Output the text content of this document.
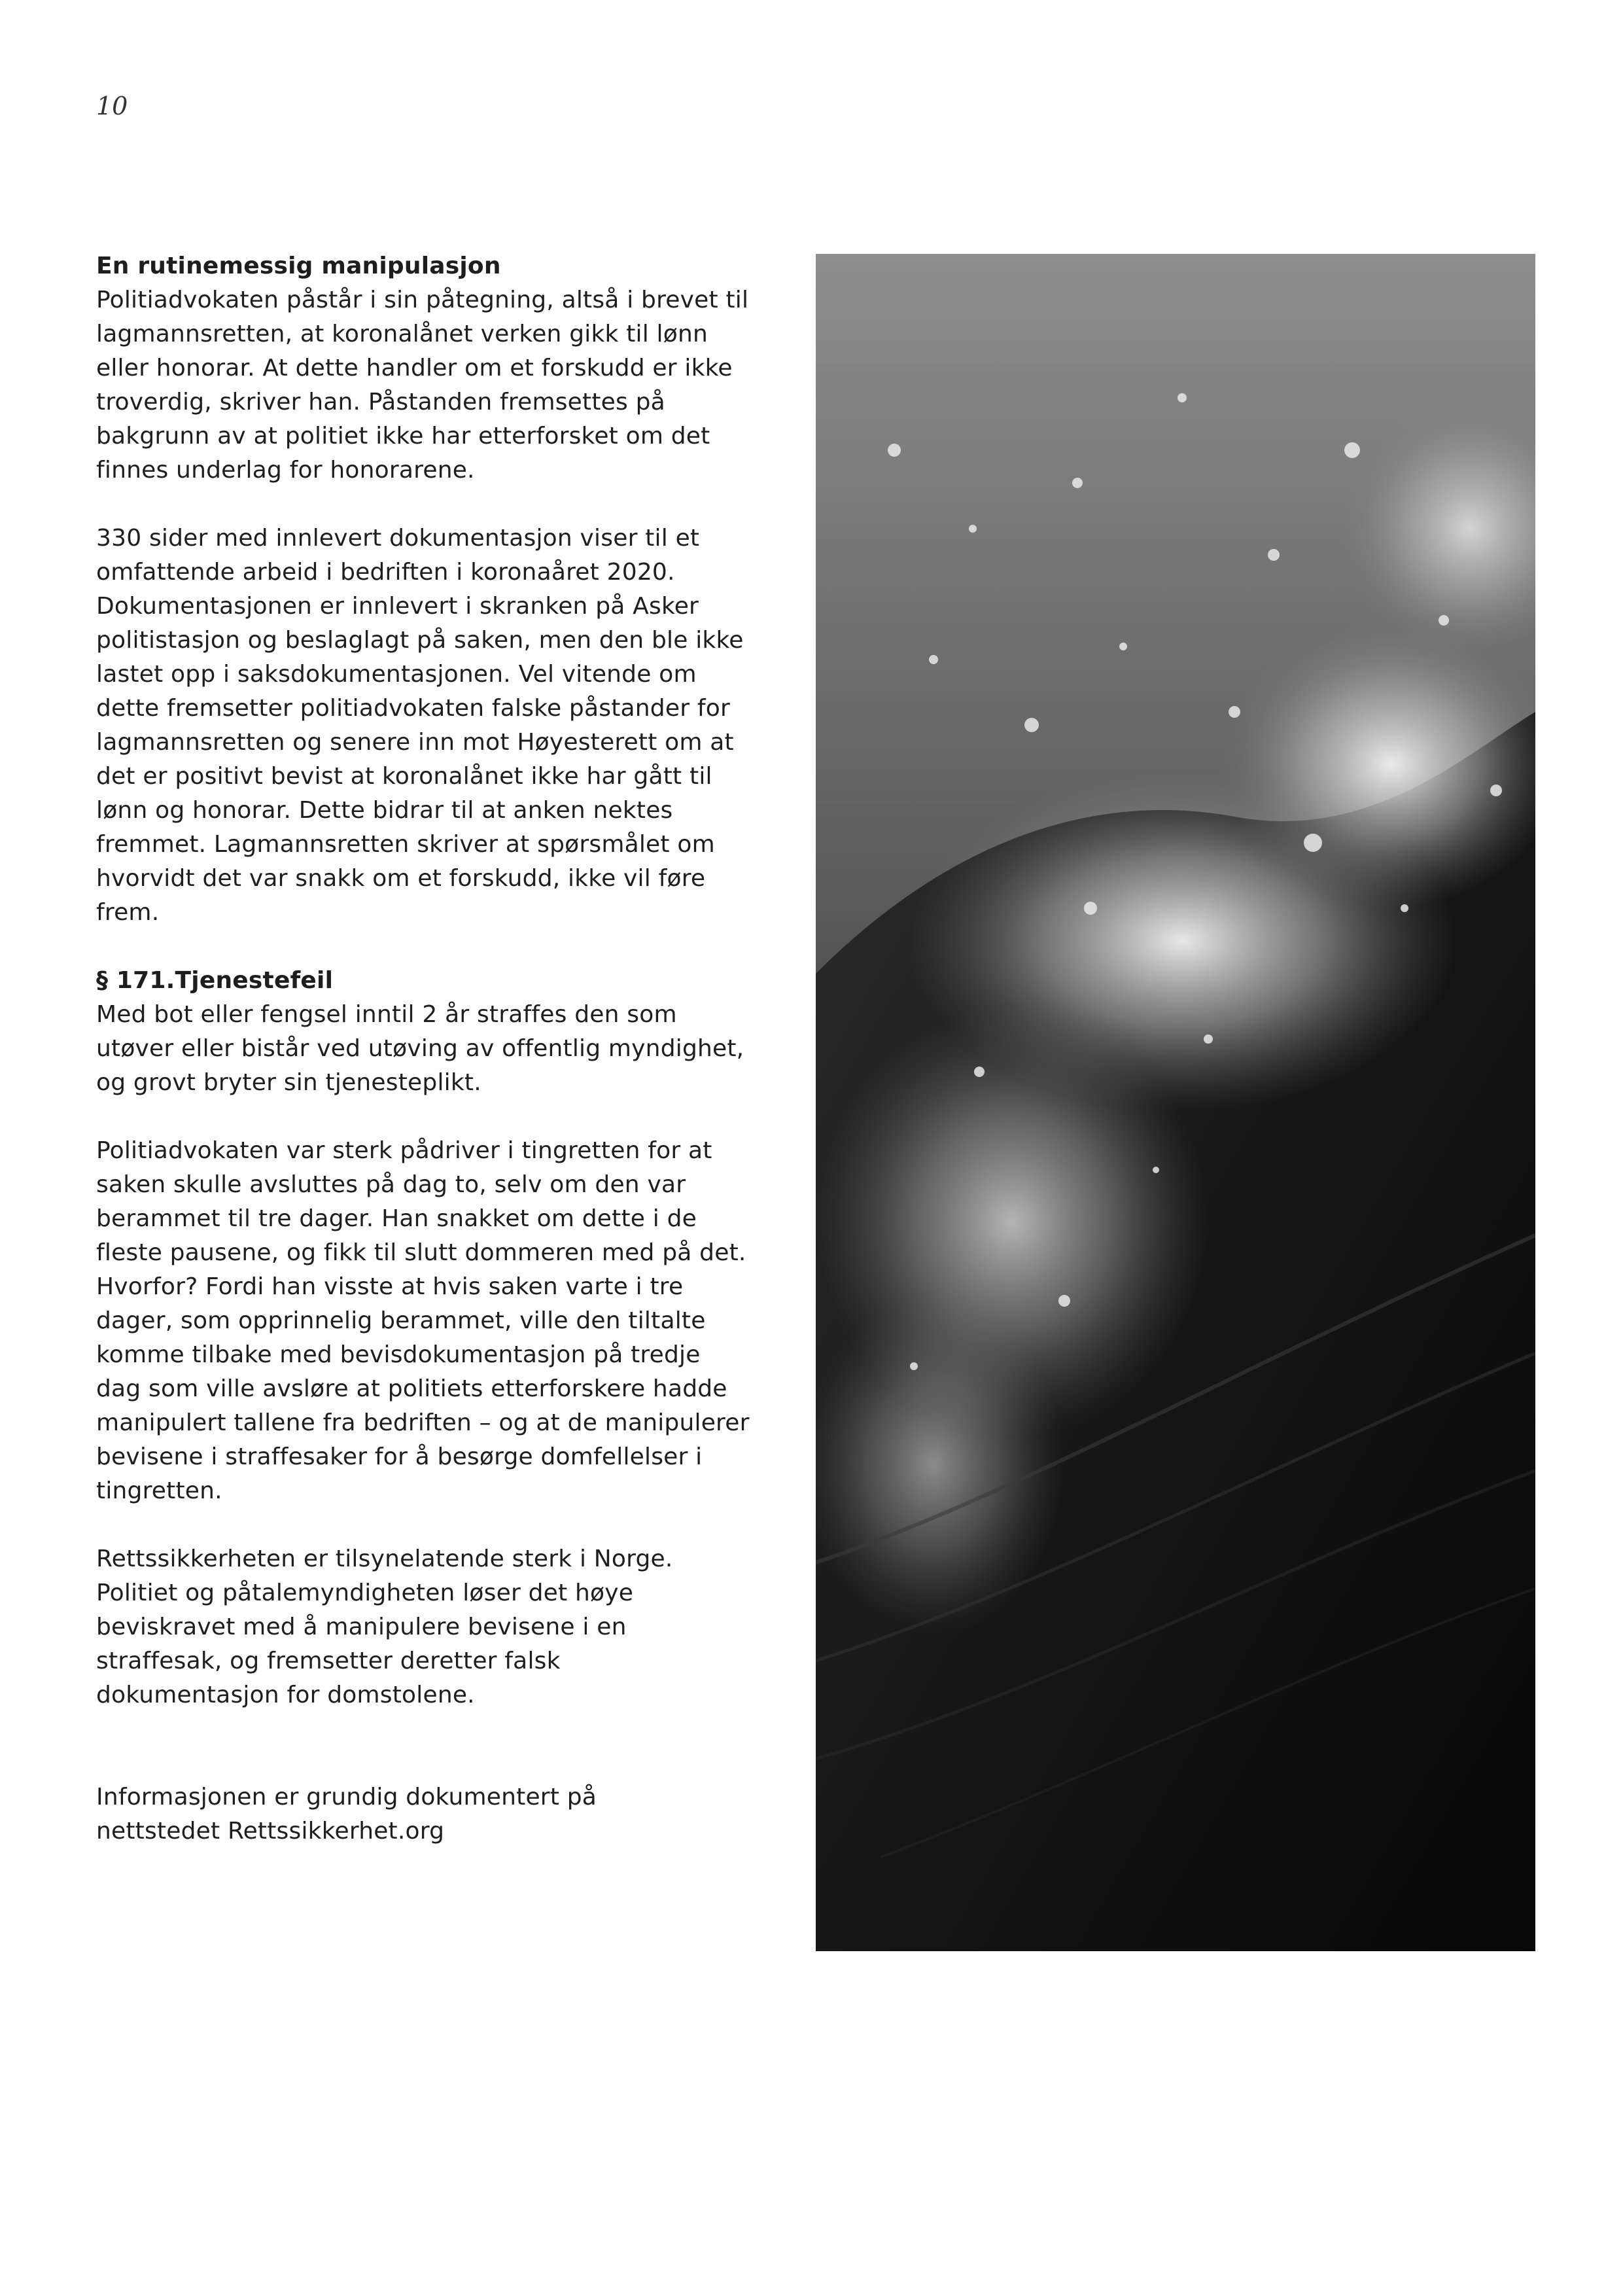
10
En rutinemessig manipulasjon

Politiadvokaten påstår i sin påtegning, altså i brevet til lagmannsretten, at koronalånet verken gikk til lønn eller honorar. At dette handler om et forskudd er ikke troverdig, skriver han. Påstanden fremsettes på bakgrunn av at politiet ikke har etterforsket om det finnes underlag for honorarene.

330 sider med innlevert dokumentasjon viser til et omfattende arbeid i bedriften i koronaåret 2020. Dokumentasjonen er innlevert i skranken på Asker politistasjon og beslaglagt på saken, men den ble ikke lastet opp i saksdokumentasjonen. Vel vitende om dette fremsetter politiadvokaten falske påstander for lagmannsretten og senere inn mot Høyesterett om at det er positivt bevist at koronalånet ikke har gått til lønn og honorar. Dette bidrar til at anken nektes fremmet. Lagmannsretten skriver at spørsmålet om hvorvidt det var snakk om et forskudd, ikke vil føre frem.

§ 171.Tjenestefeil

Med bot eller fengsel inntil 2 år straffes den som utøver eller bistår ved utøving av offentlig myndighet, og grovt bryter sin tjenesteplikt.

Politiadvokaten var sterk pådriver i tingretten for at saken skulle avsluttes på dag to, selv om den var berammet til tre dager. Han snakket om dette i de fleste pausene, og fikk til slutt dommeren med på det. Hvorfor? Fordi han visste at hvis saken varte i tre dager, som opprinnelig berammet, ville den tiltalte komme tilbake med bevisdokumentasjon på tredje dag som ville avsløre at politiets etterforskere hadde manipulert tallene fra bedriften – og at de manipulerer bevisene i straffesaker for å besørge domfellelser i tingretten.

Rettssikkerheten er tilsynelatende sterk i Norge. Politiet og påtalemyndigheten løser det høye beviskravet med å manipulere bevisene i en straffesak, og fremsetter deretter falsk dokumentasjon for domstolene.

Informasjonen er grundig dokumentert på
nettstedet Rettssikkerhet.org
